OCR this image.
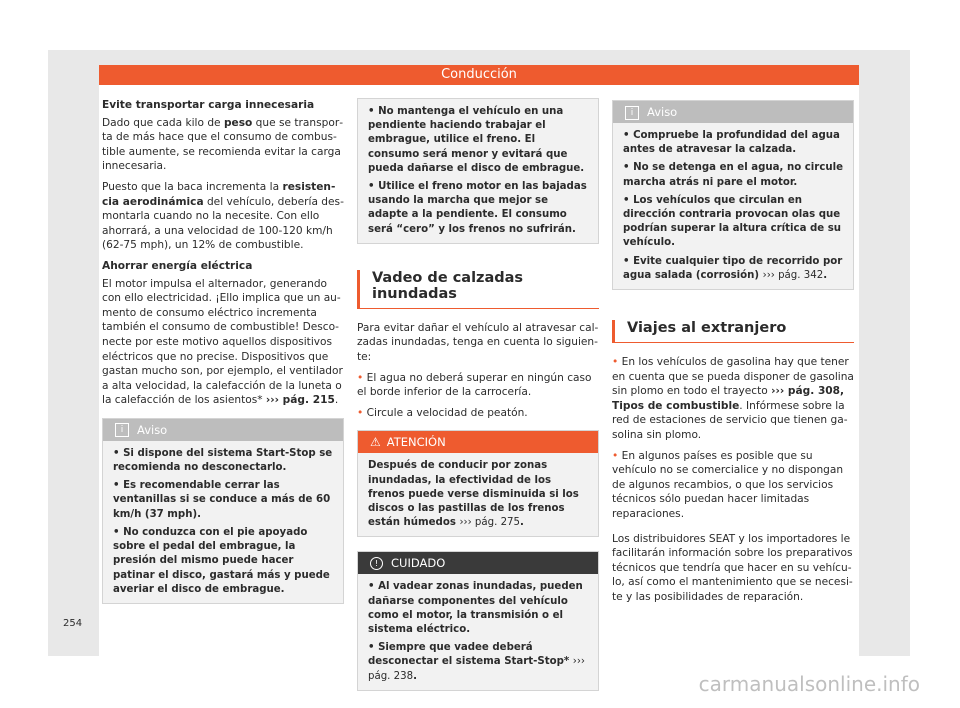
Conducción

Evite transportar carga innecesaria

Dado que cada kilo de peso que se transporta de más hace que el consumo de combustible aumente, se recomienda evitar la carga innecesaria.

Puesto que la baca incrementa la resistencia aerodinámica del vehículo, debería desmontarla cuando no la necesite. Con ello ahorrará, a una velocidad de 100-120 km/h (62-75 mph), un 12% de combustible.

Ahorrar energía eléctrica

El motor impulsa el alternador, generando con ello electricidad. ¡Ello implica que un aumento de consumo eléctrico incrementa también el consumo de combustible! Desconecte por este motivo aquellos dispositivos eléctricos que no precise. Dispositivos que gastan mucho son, por ejemplo, el ventilador a alta velocidad, la calefacción de la luneta o la calefacción de los asientos* ››› pág. 215.

i Aviso

• Si dispone del sistema Start-Stop se recomienda no desconectarlo.

• Es recomendable cerrar las ventanillas si se conduce a más de 60 km/h (37 mph).

• No conduzca con el pie apoyado sobre el pedal del embrague, la presión del mismo puede hacer patinar el disco, gastará más y puede averiar el disco de embrague.

• No mantenga el vehículo en una pendiente haciendo trabajar el embrague, utilice el freno. El consumo será menor y evitará que pueda dañarse el disco de embrague.

• Utilice el freno motor en las bajadas usando la marcha que mejor se adapte a la pendiente. El consumo será “cero” y los frenos no sufrirán.

Vadeo de calzadas inundadas

Para evitar dañar el vehículo al atravesar calzadas inundadas, tenga en cuenta lo siguiente:

• El agua no deberá superar en ningún caso el borde inferior de la carrocería.

• Circule a velocidad de peatón.

⚠ ATENCIÓN

Después de conducir por zonas inundadas, la efectividad de los frenos puede verse disminuida si los discos o las pastillas de los frenos están húmedos ››› pág. 275.

! CUIDADO

• Al vadear zonas inundadas, pueden dañarse componentes del vehículo como el motor, la transmisión o el sistema eléctrico.

• Siempre que vadee deberá desconectar el sistema Start-Stop* ››› pág. 238.

i Aviso

• Compruebe la profundidad del agua antes de atravesar la calzada.

• No se detenga en el agua, no circule marcha atrás ni pare el motor.

• Los vehículos que circulan en dirección contraria provocan olas que podrían superar la altura crítica de su vehículo.

• Evite cualquier tipo de recorrido por agua salada (corrosión) ››› pág. 342.

Viajes al extranjero

• En los vehículos de gasolina hay que tener en cuenta que se pueda disponer de gasolina sin plomo en todo el trayecto ››› pág. 308, Tipos de combustible. Infórmese sobre la red de estaciones de servicio que tienen gasolina sin plomo.

• En algunos países es posible que su vehículo no se comercialice y no dispongan de algunos recambios, o que los servicios técnicos sólo puedan hacer limitadas reparaciones.

Los distribuidores SEAT y los importadores le facilitarán información sobre los preparativos técnicos que tendría que hacer en su vehículo, así como el mantenimiento que se necesite y las posibilidades de reparación.

254
carmanualsonline.info
